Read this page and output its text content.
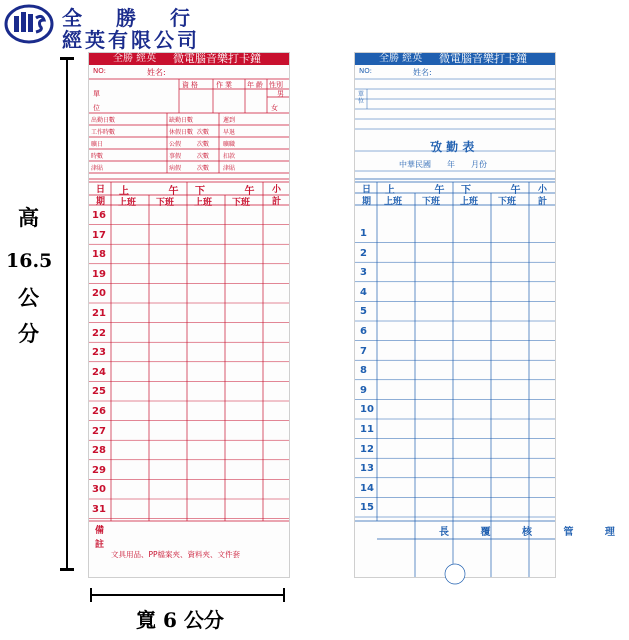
全勝行
經英有限公司
高
16.5
公
分
寬 6 公分
全勝 經英 微電腦音樂打卡鐘
NO:	姓名:
單
位
資格 作業 年齡 性別
男
女
出勤日數
工作時數
曠日
時數
津貼
缺勤日數
休假日數
公假
事假
病假
次數
次數
次數
次數
遲到
早退
曠職
扣款
津貼
日
期
上 午
下 午 小
計
上班 下班 上班 下班
16
17
18
19
20
21
22
23
24
25
26
27
28
29
30
31
備
註
文具用品、PP檔案夾、資料夾、文件套
全勝 經英 微電腦音樂打卡鐘
NO:	姓名:
單位
攷 勤 表
中華民國　　年　　月份
日
期
上 午
下 午 小
計
上班 下班 上班 下班
1
2
3
4
5
6
7
8
9
10
11
12
13
14
15
長 覆 核 管 理
